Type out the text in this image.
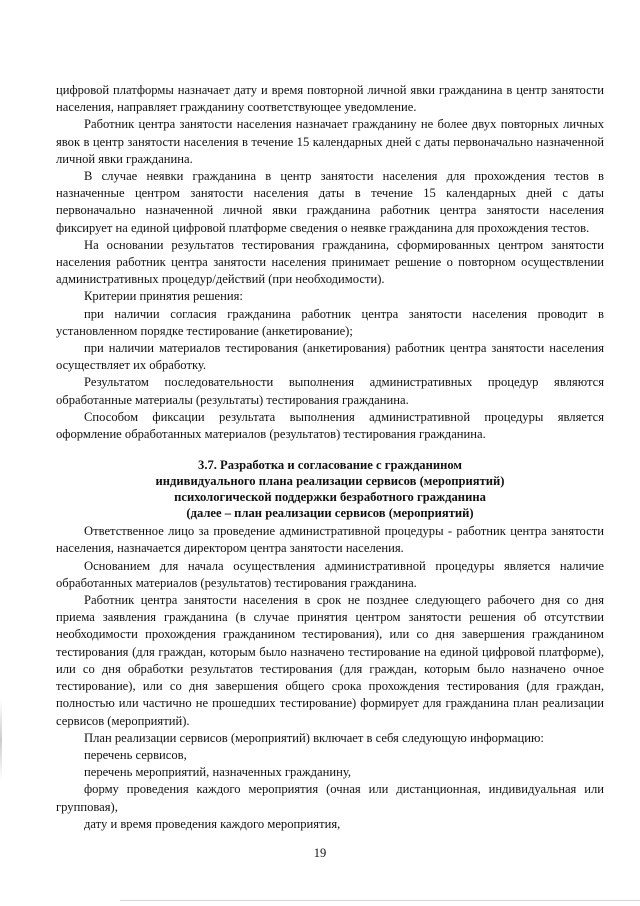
цифровой платформы назначает дату и время повторной личной явки гражданина в центр занятости населения, направляет гражданину соответствующее уведомление.

Работник центра занятости населения назначает гражданину не более двух повторных личных явок в центр занятости населения в течение 15 календарных дней с даты первоначально назначенной личной явки гражданина.

В случае неявки гражданина в центр занятости населения для прохождения тестов в назначенные центром занятости населения даты в течение 15 календарных дней с даты первоначально назначенной личной явки гражданина работник центра занятости населения фиксирует на единой цифровой платформе сведения о неявке гражданина для прохождения тестов.

На основании результатов тестирования гражданина, сформированных центром занятости населения работник центра занятости населения принимает решение о повторном осуществлении административных процедур/действий (при необходимости).

Критерии принятия решения:

при наличии согласия гражданина работник центра занятости населения проводит в установленном порядке тестирование (анкетирование);

при наличии материалов тестирования (анкетирования) работник центра занятости населения осуществляет их обработку.

Результатом последовательности выполнения административных процедур являются обработанные материалы (результаты) тестирования гражданина.

Способом фиксации результата выполнения административной процедуры является оформление обработанных материалов (результатов) тестирования гражданина.

3.7. Разработка и согласование с гражданином
индивидуального плана реализации сервисов (мероприятий)
психологической поддержки безработного гражданина
(далее – план реализации сервисов (мероприятий)

Ответственное лицо за проведение административной процедуры - работник центра занятости населения, назначается директором центра занятости населения.

Основанием для начала осуществления административной процедуры является наличие обработанных материалов (результатов) тестирования гражданина.

Работник центра занятости населения в срок не позднее следующего рабочего дня со дня приема заявления гражданина (в случае принятия центром занятости решения об отсутствии необходимости прохождения гражданином тестирования), или со дня завершения гражданином тестирования (для граждан, которым было назначено тестирование на единой цифровой платформе), или со дня обработки результатов тестирования (для граждан, которым было назначено очное тестирование), или со дня завершения общего срока прохождения тестирования (для граждан, полностью или частично не прошедших тестирование) формирует для гражданина план реализации сервисов (мероприятий).

План реализации сервисов (мероприятий) включает в себя следующую информацию:

перечень сервисов,

перечень мероприятий, назначенных гражданину,

форму проведения каждого мероприятия (очная или дистанционная, индивидуальная или групповая),

дату и время проведения каждого мероприятия,

19
